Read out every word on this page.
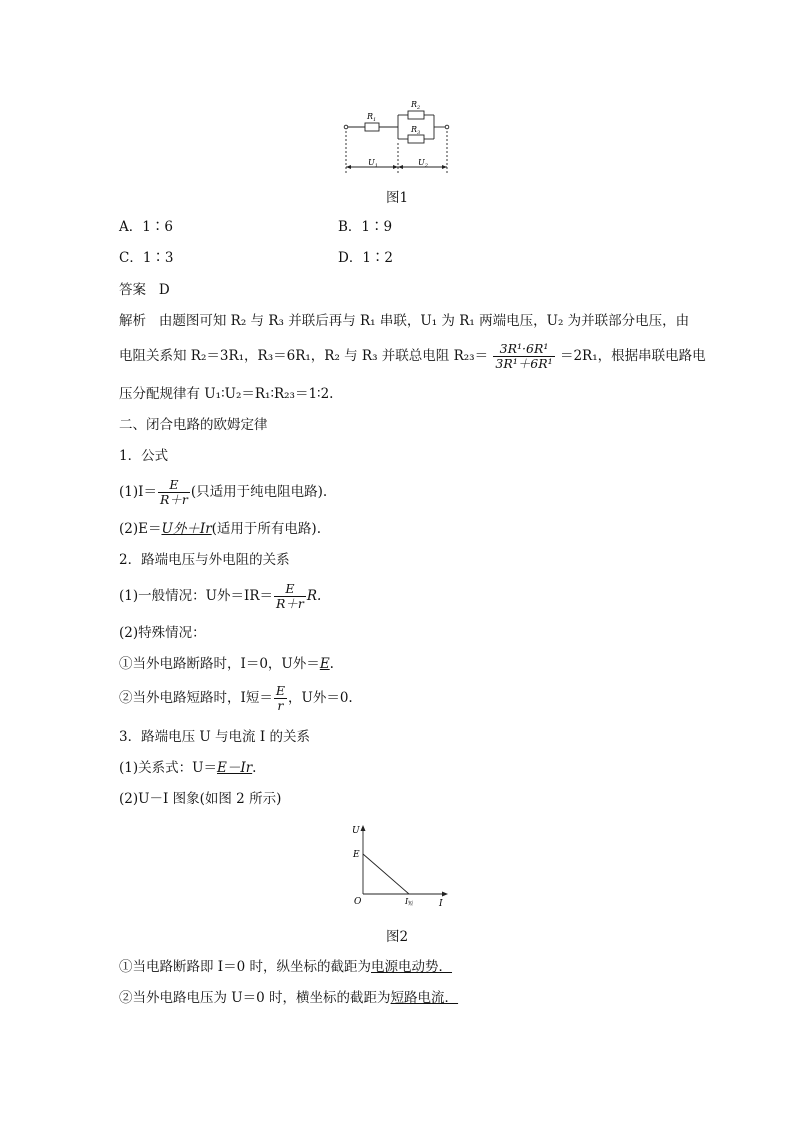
$R_1$
$R_2$
$R_3$
$U_1$	$U_2$
图1
A．1∶6	B．1∶9
C．1∶3	D．1∶2
答案 D
解析 由题图可知 R₂ 与 R₃ 并联后再与 R₁ 串联，U₁ 为 R₁ 两端电压，U₂ 为并联部分电压，由
电阻关系知 R₂＝3R₁，R₃＝6R₁，R₂ 与 R₃ 并联总电阻 $R_{23}= \frac{\text{3R¹·6R¹}}{\text{3R¹＋6R¹}} =2R_1$，根据串联电路电
压分配规律有 U₁∶U₂＝R₁∶R₂₃＝1∶2.
二、闭合电路的欧姆定律
1．公式
$(1)I= \frac{E}{R+r}$ (只适用于纯电阻电路).
(2)E＝U外＋Ir(适用于所有电路).
2．路端电压与外电阻的关系
(1)一般情况：U外$=IR= \frac{E}{R+r} R$.
(2)特殊情况：
①当外电路断路时，I＝0，U外＝E.
②当外电路短路时，I短＝ $\frac{E}{r}$ ，U外＝0.
3．路端电压 U 与电流 I 的关系
(1)关系式：U＝E－Ir.
(2)U－I 图象(如图 2 所示)
U
E
O	I短	I
图2
①当电路断路即 I＝0 时，纵坐标的截距为电源电动势．
②当外电路电压为 U＝0 时，横坐标的截距为短路电流．
